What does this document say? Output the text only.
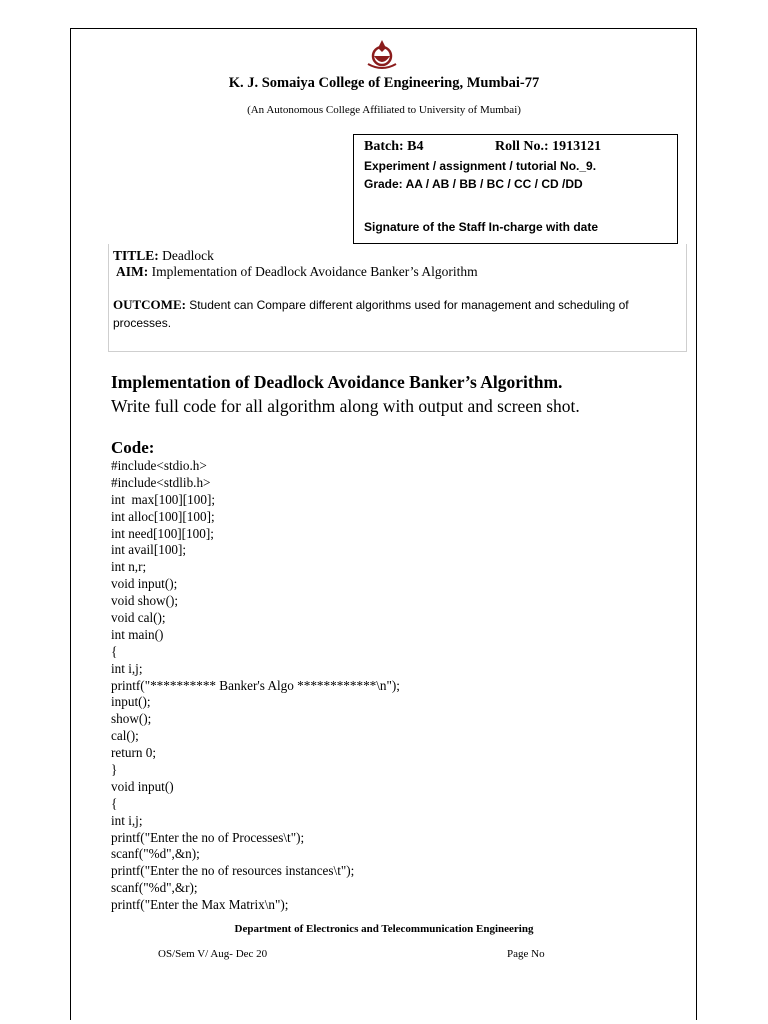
K. J. Somaiya College of Engineering, Mumbai-77
(An Autonomous College Affiliated to University of Mumbai)
Batch: B4	Roll No.: 1913121
Experiment / assignment / tutorial No._9.
Grade: AA / AB / BB / BC / CC / CD /DD
Signature of the Staff In-charge with date
TITLE: Deadlock
AIM: Implementation of Deadlock Avoidance Banker’s Algorithm
OUTCOME: Student can Compare different algorithms used for management and scheduling of processes.
Implementation of Deadlock Avoidance Banker’s Algorithm.
Write full code for all algorithm along with output and screen shot.
Code:
#include<stdio.h>
#include<stdlib.h>
int  max[100][100];
int alloc[100][100];
int need[100][100];
int avail[100];
int n,r;
void input();
void show();
void cal();
int main()
{
int i,j;
printf("********** Banker's Algo ************\n");
input();
show();
cal();
return 0;
}
void input()
{
int i,j;
printf("Enter the no of Processes\t");
scanf("%d",&n);
printf("Enter the no of resources instances\t");
scanf("%d",&r);
printf("Enter the Max Matrix\n");
Department of Electronics and Telecommunication Engineering
OS/Sem V/ Aug- Dec 20	Page No
